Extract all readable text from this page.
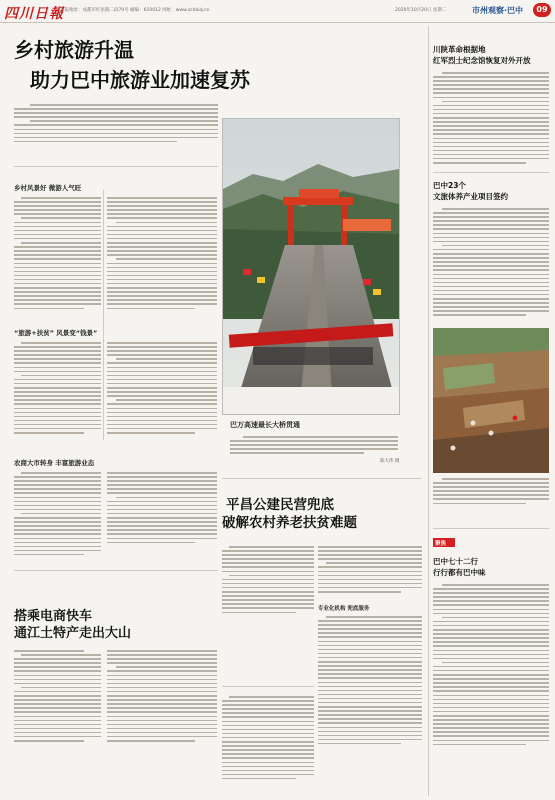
四川日報
本报地址：成都市红星路二段70号 邮编：610012 网址：www.scdaily.cn	2020年10月20日 星期二	市州观察·巴中	09
乡村旅游升温
助力巴中旅游业加速复苏
乡村风景好 微游人气旺
“旅游+扶贫” 风景变“钱景”
农商大市转身 丰富旅游业态
搭乘电商快车
通江土特产走出大山
巴万高速最长大桥贯通
陈大伟 摄
平昌公建民营兜底
破解农村养老扶贫难题
专业化机构 兜底服务
川陕革命根据地
红军烈士纪念馆恢复对外开放
巴中23个
文旅体养产业项目签约
聚焦
巴中七十二行
行行都有巴中味
